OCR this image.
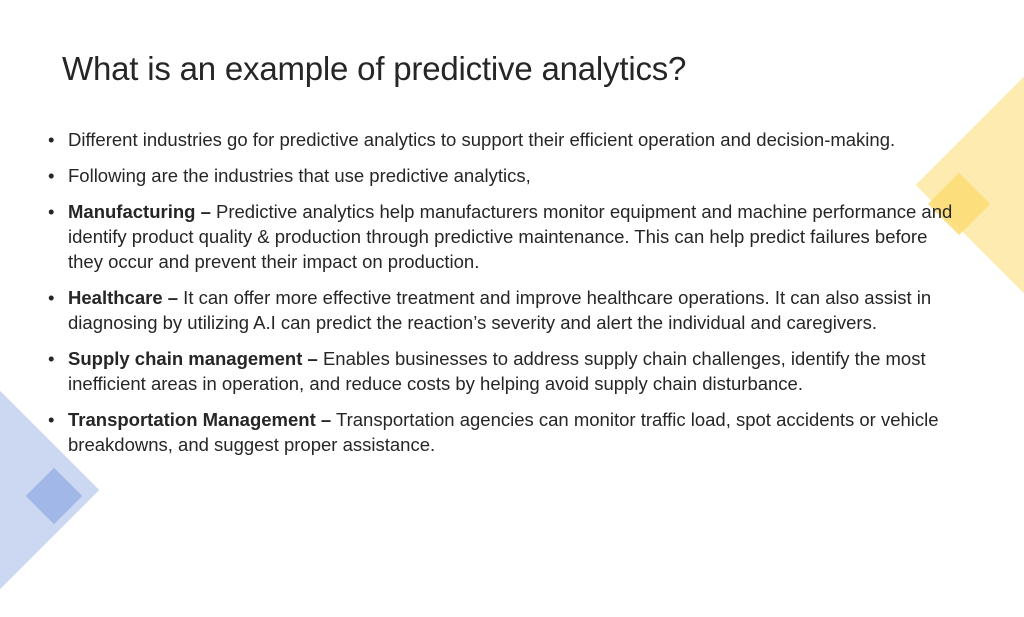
What is an example of predictive analytics?
• Different industries go for predictive analytics to support their efficient operation and decision-making.
• Following are the industries that use predictive analytics,
• Manufacturing – Predictive analytics help manufacturers monitor equipment and machine performance and identify product quality & production through predictive maintenance. This can help predict failures before they occur and prevent their impact on production.
• Healthcare – It can offer more effective treatment and improve healthcare operations. It can also assist in diagnosing by utilizing A.I can predict the reaction’s severity and alert the individual and caregivers.
• Supply chain management – Enables businesses to address supply chain challenges, identify the most inefficient areas in operation, and reduce costs by helping avoid supply chain disturbance.
• Transportation Management – Transportation agencies can monitor traffic load, spot accidents or vehicle breakdowns, and suggest proper assistance.
